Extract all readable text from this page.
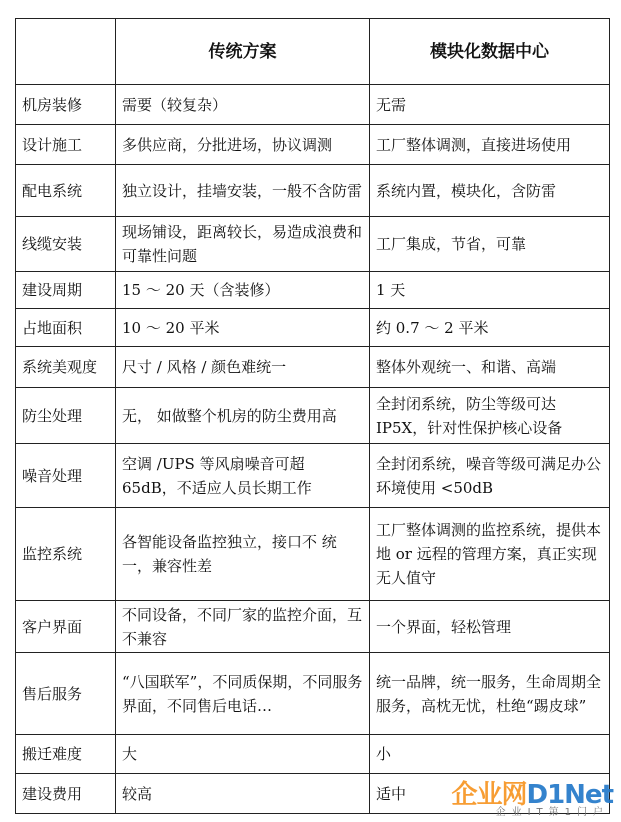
	传统方案	模块化数据中心
机房装修	需要（较复杂）	无需
设计施工	多供应商，分批进场，协议调测	工厂整体调测，直接进场使用
配电系统	独立设计，挂墙安装，一般不含防雷	系统内置，模块化，含防雷
线缆安装	现场铺设，距离较长，易造成浪费和可靠性问题	工厂集成，节省，可靠
建设周期	15 ～ 20 天（含装修）	1 天
占地面积	10 ～ 20 平米	约 0.7 ～ 2 平米
系统美观度	尺寸 / 风格 / 颜色难统一	整体外观统一、和谐、高端
防尘处理	无， 如做整个机房的防尘费用高	全封闭系统，防尘等级可达 IP5X，针对性保护核心设备
噪音处理	空调 /UPS 等风扇噪音可超 65dB，不适应人员长期工作	全封闭系统，噪音等级可满足办公环境使用 <50dB
监控系统	各智能设备监控独立，接口不 统一，兼容性差	工厂整体调测的监控系统，提供本地 or 远程的管理方案，真正实现无人值守
客户界面	不同设备，不同厂家的监控介面，互不兼容	一个界面，轻松管理
售后服务	“八国联军”，不同质保期，不同服务界面，不同售后电话…	统一品牌，统一服务，生命周期全服务，高枕无忧，杜绝“踢皮球”
搬迁难度	大	小
建设费用	较高	适中 企业网D1Net
企业IT第1门户
